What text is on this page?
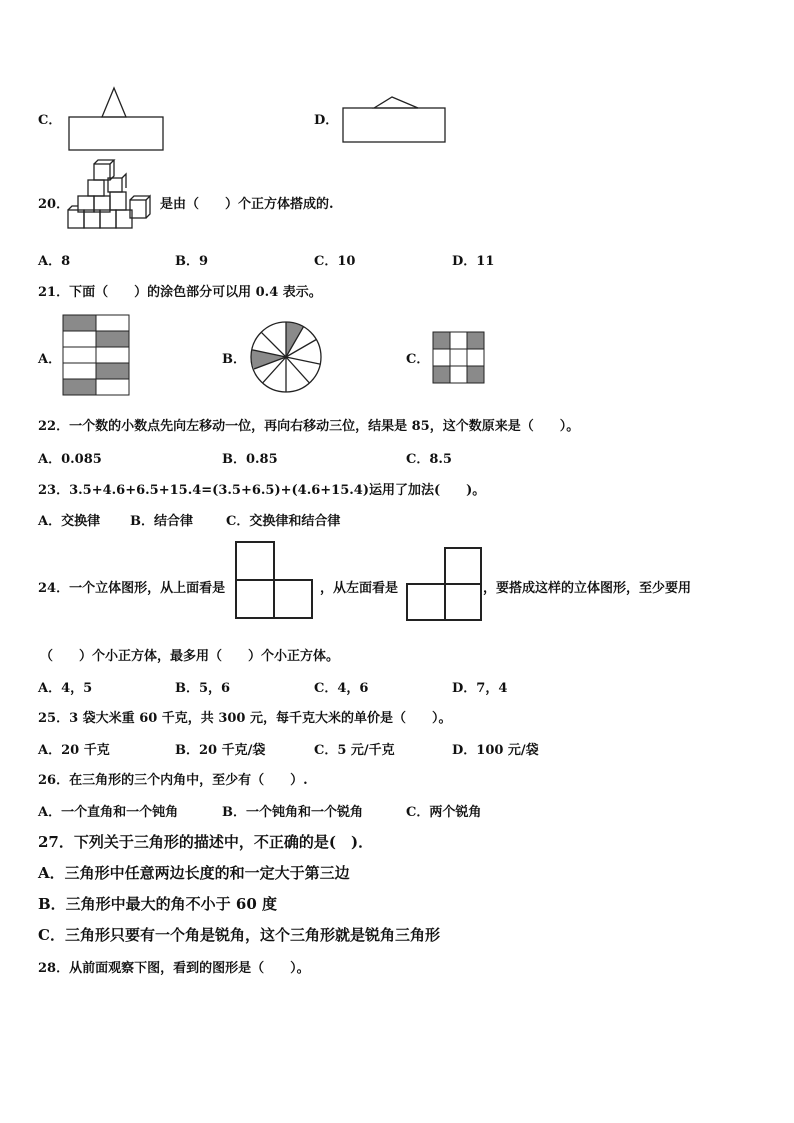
C．	D．
20．	是由（　　）个正方体搭成的.
A．8	B．9	C．10	D．11
21．下面（　　）的涂色部分可以用 0.4 表示。
A．	B．	C．
22．一个数的小数点先向左移动一位，再向右移动三位，结果是 85，这个数原来是（　　）。
A．0.085	B．0.85	C．8.5
23．3.5+4.6+6.5+15.4=(3.5+6.5)+(4.6+15.4)运用了加法(　　)。
A．交换律 B．结合律	C．交换律和结合律
24．一个立体图形，从上面看是	，从左面看是	，要搭成这样的立体图形，至少要用
（　　）个小正方体，最多用（　　）个小正方体。
A．4，5	B．5，6	C．4，6	D．7，4
25．3 袋大米重 60 千克，共 300 元，每千克大米的单价是（　　）。
A．20 千克	B．20 千克/袋	C．5 元/千克	D．100 元/袋
26．在三角形的三个内角中，至少有（　　）.
A．一个直角和一个钝角	B．一个钝角和一个锐角	C．两个锐角
27．下列关于三角形的描述中，不正确的是(　)．
A．三角形中任意两边长度的和一定大于第三边
B．三角形中最大的角不小于 60 度
C．三角形只要有一个角是锐角，这个三角形就是锐角三角形
28．从前面观察下图，看到的图形是（　　）。
